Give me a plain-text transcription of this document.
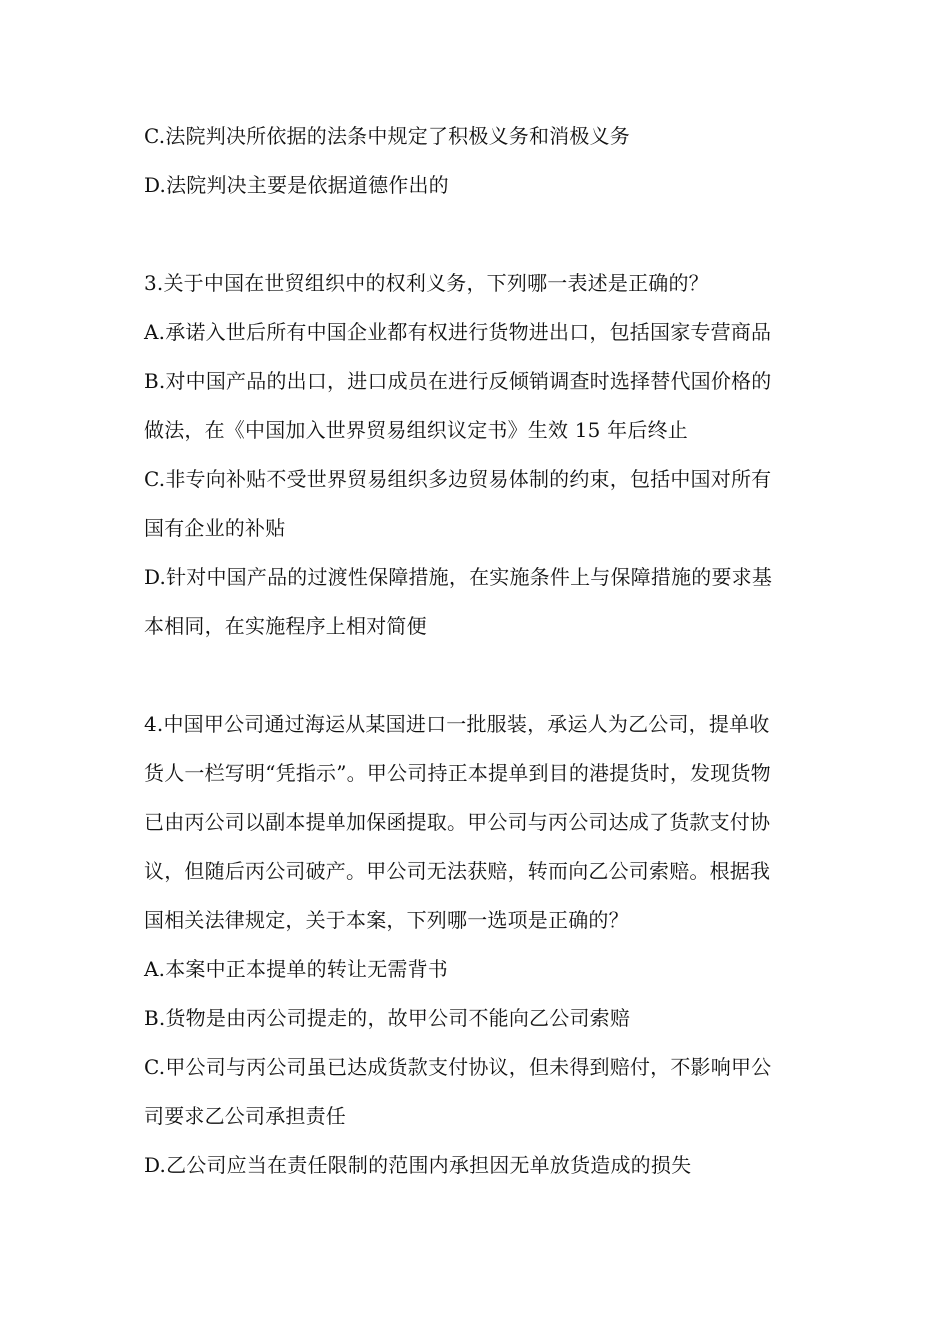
C.法院判决所依据的法条中规定了积极义务和消极义务
D.法院判决主要是依据道德作出的
3.关于中国在世贸组织中的权利义务，下列哪一表述是正确的？
A.承诺入世后所有中国企业都有权进行货物进出口，包括国家专营商品
B.对中国产品的出口，进口成员在进行反倾销调查时选择替代国价格的
做法，在《中国加入世界贸易组织议定书》生效 15 年后终止
C.非专向补贴不受世界贸易组织多边贸易体制的约束，包括中国对所有
国有企业的补贴
D.针对中国产品的过渡性保障措施，在实施条件上与保障措施的要求基
本相同，在实施程序上相对简便
4.中国甲公司通过海运从某国进口一批服装，承运人为乙公司，提单收
货人一栏写明“凭指示”。甲公司持正本提单到目的港提货时，发现货物
已由丙公司以副本提单加保函提取。甲公司与丙公司达成了货款支付协
议，但随后丙公司破产。甲公司无法获赔，转而向乙公司索赔。根据我
国相关法律规定，关于本案，下列哪一选项是正确的？
A.本案中正本提单的转让无需背书
B.货物是由丙公司提走的，故甲公司不能向乙公司索赔
C.甲公司与丙公司虽已达成货款支付协议，但未得到赔付，不影响甲公
司要求乙公司承担责任
D.乙公司应当在责任限制的范围内承担因无单放货造成的损失
